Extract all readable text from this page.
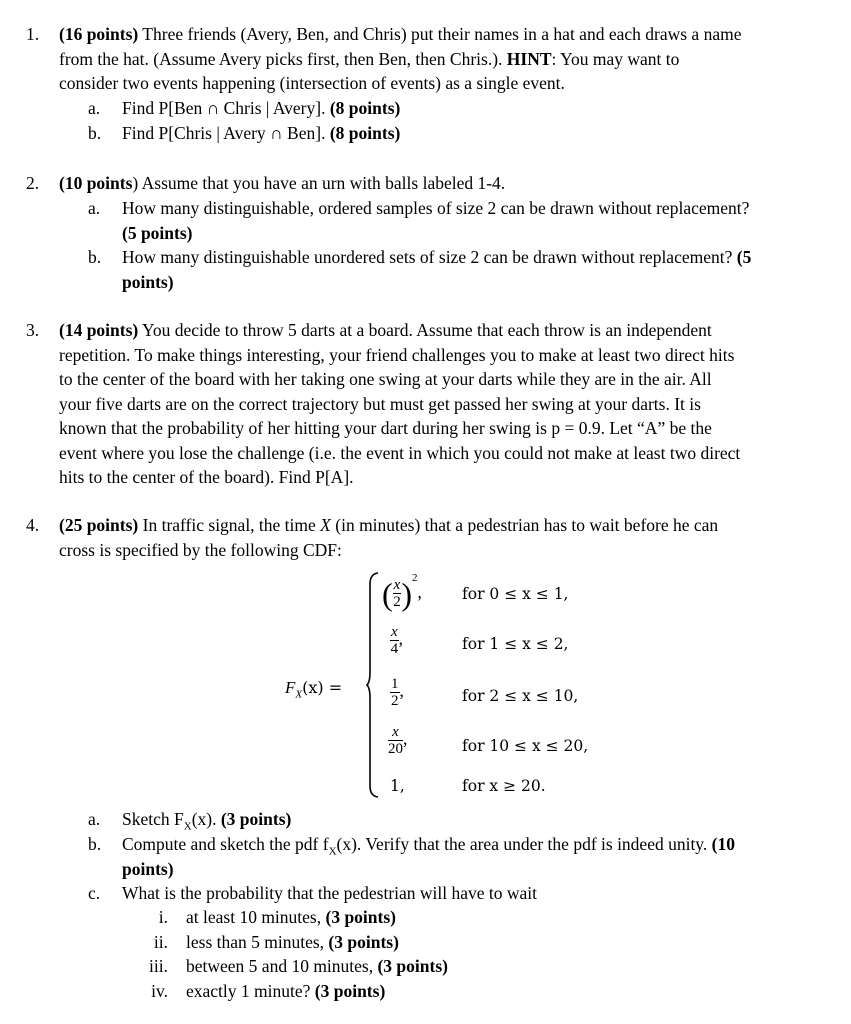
1. (16 points) Three friends (Avery, Ben, and Chris) put their names in a hat and each draws a name
from the hat. (Assume Avery picks first, then Ben, then Chris.). HINT: You may want to
consider two events happening (intersection of events) as a single event.
a. Find P[Ben ∩ Chris | Avery]. (8 points)
b. Find P[Chris | Avery ∩ Ben]. (8 points)
2. (10 points) Assume that you have an urn with balls labeled 1-4.
a. How many distinguishable, ordered samples of size 2 can be drawn without replacement?
(5 points)
b. How many distinguishable unordered sets of size 2 can be drawn without replacement? (5
points)
3. (14 points) You decide to throw 5 darts at a board. Assume that each throw is an independent
repetition. To make things interesting, your friend challenges you to make at least two direct hits
to the center of the board with her taking one swing at your darts while they are in the air. All
your five darts are on the correct trajectory but must get passed her swing at your darts. It is
known that the probability of her hitting your dart during her swing is p = 0.9. Let “A” be the
event where you lose the challenge (i.e. the event in which you could not make at least two direct
hits to the center of the board). Find P[A].
4. (25 points) In traffic signal, the time X (in minutes) that a pedestrian has to wait before he can
cross is specified by the following CDF:
$F_X(x)$ =
( $\frac{x}{2} )^2$,	for 0 ≤ x ≤ 1,
$\frac{x}{4}$ ,	for 1 ≤ x ≤ 2,
$\frac{1}{2}$ ,	for 2 ≤ x ≤ 10,
$\frac{x}{20}$ ,	for 10 ≤ x ≤ 20,
1,	for x ≥ 20.
a. Sketch $F_X(x)$. (3 points)
b. Compute and sketch the pdf $f_X(x)$. Verify that the area under the pdf is indeed unity. (10
points)
c. What is the probability that the pedestrian will have to wait
i. at least 10 minutes, (3 points)
ii. less than 5 minutes, (3 points)
iii. between 5 and 10 minutes, (3 points)
iv. exactly 1 minute? (3 points)
